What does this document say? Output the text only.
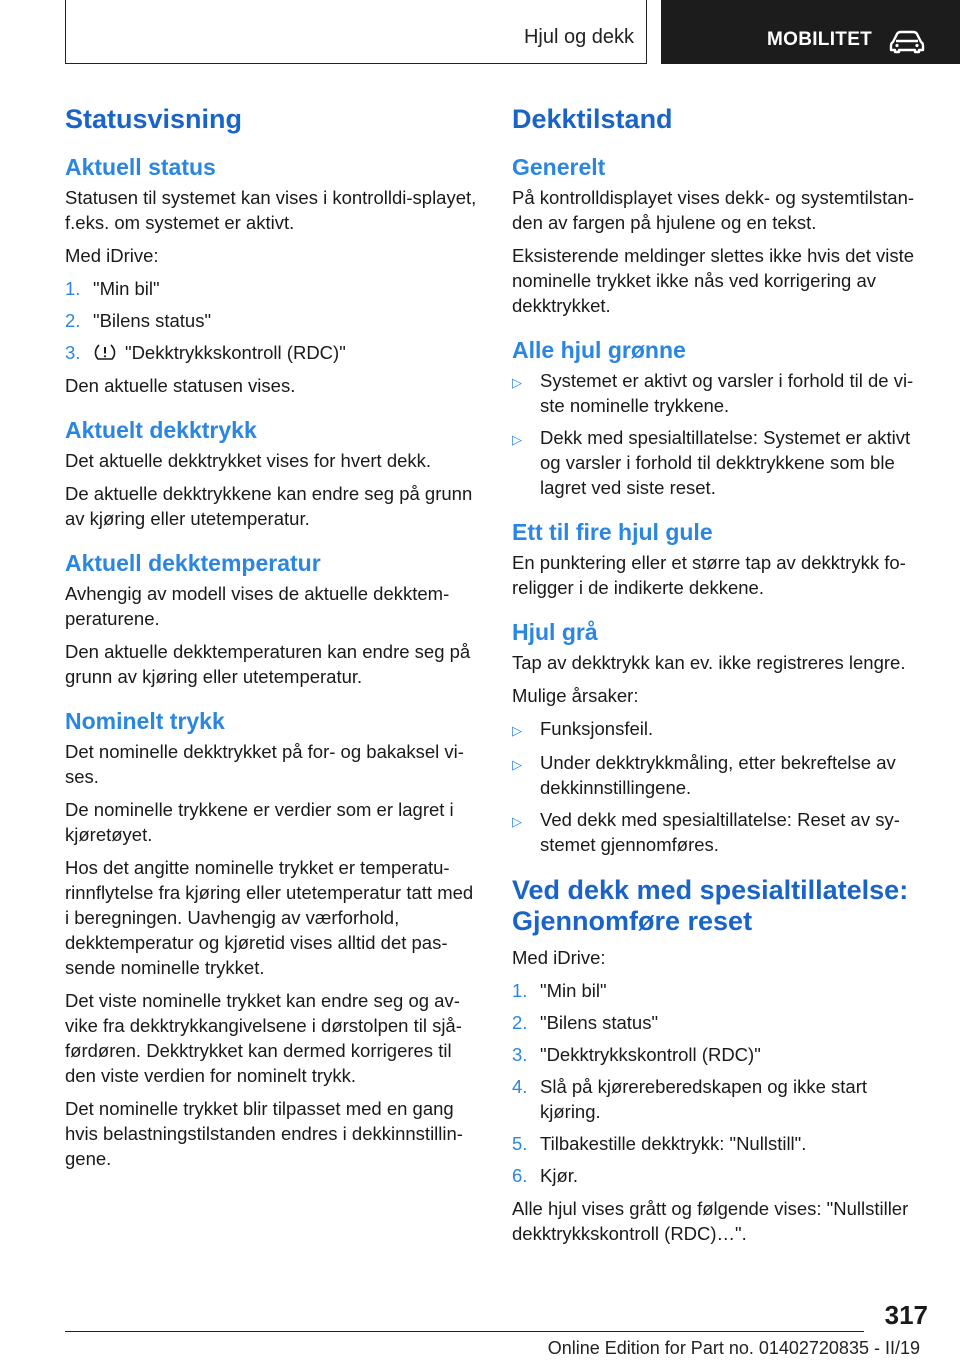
Hjul og dekk	MOBILITET
Statusvisning
Aktuell status

Statusen til systemet kan vises i kontrolldi-splayet, f.eks. om systemet er aktivt.

Med iDrive:

1. "Min bil"
2. "Bilens status"
3.	"Dekktrykkskontroll (RDC)"

Den aktuelle statusen vises.

Aktuelt dekktrykk

Det aktuelle dekktrykket vises for hvert dekk.

De aktuelle dekktrykkene kan endre seg på grunn av kjøring eller utetemperatur.

Aktuell dekktemperatur

Avhengig av modell vises de aktuelle dekktem-peraturene.

Den aktuelle dekktemperaturen kan endre seg på grunn av kjøring eller utetemperatur.

Nominelt trykk

Det nominelle dekktrykket på for- og bakaksel vi-ses.

De nominelle trykkene er verdier som er lagret i kjøretøyet.

Hos det angitte nominelle trykket er temperatu-rinnflytelse fra kjøring eller utetemperatur tatt med i beregningen. Uavhengig av værforhold, dekktemperatur og kjøretid vises alltid det pas-sende nominelle trykket.

Det viste nominelle trykket kan endre seg og av-vike fra dekktrykkangivelsene i dørstolpen til sjå-førdøren. Dekktrykket kan dermed korrigeres til den viste verdien for nominelt trykk.

Det nominelle trykket blir tilpasset med en gang hvis belastningstilstanden endres i dekkinnstillin-gene.

Dekktilstand
Generelt

På kontrolldisplayet vises dekk- og systemtilstan-den av fargen på hjulene og en tekst.

Eksisterende meldinger slettes ikke hvis det viste nominelle trykket ikke nås ved korrigering av dekktrykket.

Alle hjul grønne
▷ Systemet er aktivt og varsler i forhold til de vi-ste nominelle trykkene.
▷ Dekk med spesialtillatelse: Systemet er aktivt og varsler i forhold til dekktrykkene som ble lagret ved siste reset.
Ett til fire hjul gule

En punktering eller et større tap av dekktrykk fo-religger i de indikerte dekkene.

Hjul grå

Tap av dekktrykk kan ev. ikke registreres lengre.

Mulige årsaker:

▷ Funksjonsfeil.
▷ Under dekktrykkmåling, etter bekreftelse av dekkinnstillingene.
▷ Ved dekk med spesialtillatelse: Reset av sy-stemet gjennomføres.
Ved dekk med spesialtillatelse: Gjennomføre reset

Med iDrive:

1. "Min bil"
2. "Bilens status"
3. "Dekktrykkskontroll (RDC)"
4. Slå på kjørereberedskapen og ikke start kjøring.
5. Tilbakestille dekktrykk: "Nullstill".
6. Kjør.

Alle hjul vises grått og følgende vises: "Nullstiller dekktrykkskontroll (RDC)…".

317
Online Edition for Part no. 01402720835 - II/19
